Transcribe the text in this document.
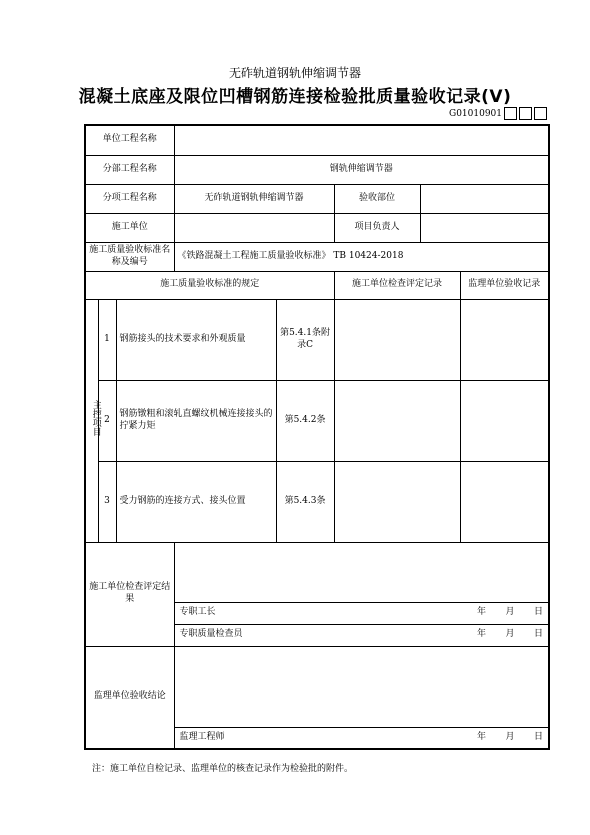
无砟轨道钢轨伸缩调节器
混凝土底座及限位凹槽钢筋连接检验批质量验收记录(Ⅴ)
G01010901
单位工程名称							
分部工程名称			钢轨伸缩调节器				
分项工程名称			无砟轨道钢轨伸缩调节器		验收部位		
施工单位					项目负责人		
施工质量验收标准名称及编号			《铁路混凝土工程施工质量验收标准》 TB 10424-2018				
施工质量验收标准的规定					施工单位检查评定记录		监理单位验收记录
主控项目	1	钢筋接头的技术要求和外观质量		第5.4.1条附录C			
	2	钢筋镦粗和滚轧直螺纹机械连接接头的拧紧力矩		第5.4.2条			
	3	受力钢筋的连接方式、接头位置		第5.4.3条			
施工单位检查评定结果							

			专职工长 年 月 日				

			专职质量检查员 年 月 日				

监理单位验收结论							

			监理工程师 年 月 日				
注：施工单位自检记录、监理单位的核查记录作为检验批的附件。
